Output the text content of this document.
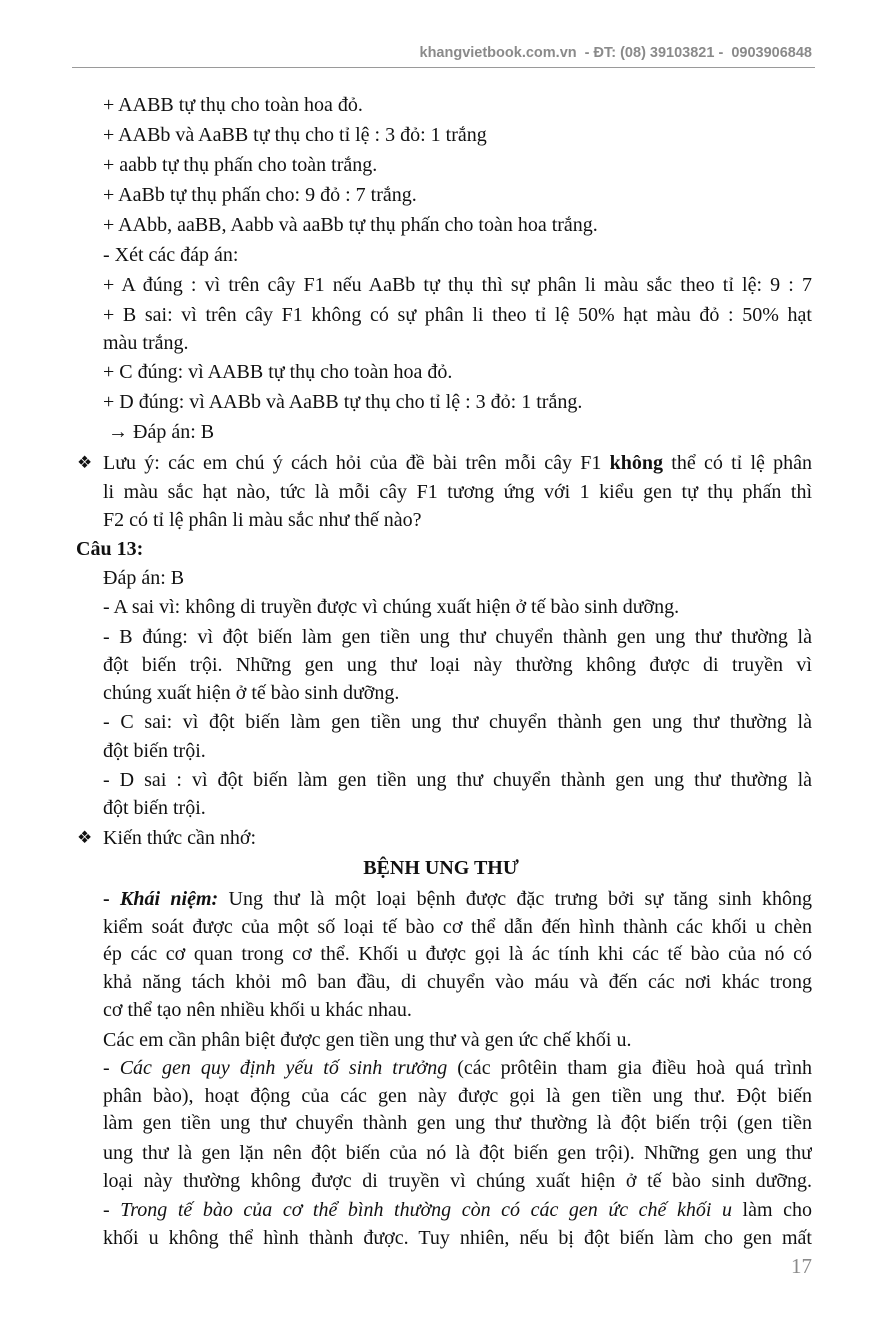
khangvietbook.com.vn  - ĐT: (08) 39103821 -  0903906848
+ AABB tự thụ cho toàn hoa đỏ.
+ AABb và AaBB tự thụ cho tỉ lệ : 3 đỏ: 1 trắng
+ aabb tự thụ phấn cho toàn trắng.
+ AaBb tự thụ phấn cho: 9 đỏ : 7 trắng.
+ AAbb, aaBB, Aabb và aaBb tự thụ phấn cho toàn hoa trắng.
- Xét các đáp án:
+ A đúng : vì trên cây F1 nếu AaBb tự thụ thì sự phân li màu sắc theo tỉ lệ: 9 : 7
+ B sai: vì trên cây F1 không có sự phân li theo tỉ lệ 50% hạt màu đỏ : 50% hạt
màu trắng.
+ C đúng: vì AABB tự thụ cho toàn hoa đỏ.
+ D đúng: vì AABb và AaBB tự thụ cho tỉ lệ : 3 đỏ: 1 trắng.
→ Đáp án: B
Lưu ý: các em chú ý cách hỏi của đề bài trên mỗi cây F1 không thể có tỉ lệ phân
❖
li màu sắc hạt nào, tức là mỗi cây F1 tương ứng với 1 kiểu gen tự thụ phấn thì
F2 có tỉ lệ phân li màu sắc như thế nào?
Câu 13:
Đáp án: B
- A sai vì: không di truyền được vì chúng xuất hiện ở tế bào sinh dưỡng.
- B đúng: vì đột biến làm gen tiền ung thư chuyển thành gen ung thư thường là
đột biến trội. Những gen ung thư loại này thường không được di truyền vì
chúng xuất hiện ở tế bào sinh dưỡng.
- C sai: vì đột biến làm gen tiền ung thư chuyển thành gen ung thư thường là
đột biến trội.
- D sai : vì đột biến làm gen tiền ung thư chuyển thành gen ung thư thường là
đột biến trội.
Kiến thức cần nhớ:
❖
BỆNH UNG THƯ
- Khái niệm: Ung thư là một loại bệnh được đặc trưng bởi sự tăng sinh không
kiểm soát được của một số loại tế bào cơ thể dẫn đến hình thành các khối u chèn
ép các cơ quan trong cơ thể. Khối u được gọi là ác tính khi các tế bào của nó có
khả năng tách khỏi mô ban đầu, di chuyển vào máu và đến các nơi khác trong
cơ thể tạo nên nhiều khối u khác nhau.
Các em cần phân biệt được gen tiền ung thư và gen ức chế khối u.
- Các gen quy định yếu tố sinh trưởng (các prôtêin tham gia điều hoà quá trình
phân bào), hoạt động của các gen này được gọi là gen tiền ung thư. Đột biến
làm gen tiền ung thư chuyển thành gen ung thư thường là đột biến trội (gen tiền
ung thư là gen lặn nên đột biến của nó là đột biến gen trội). Những gen ung thư
loại này thường không được di truyền vì chúng xuất hiện ở tế bào sinh dưỡng.
- Trong tế bào của cơ thể bình thường còn có các gen ức chế khối u làm cho
khối u không thể hình thành được. Tuy nhiên, nếu bị đột biến làm cho gen mất
17
